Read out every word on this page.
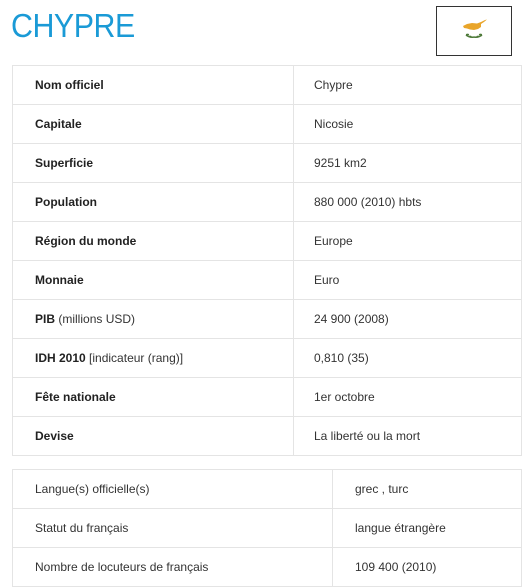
CHYPRE
Nom officiel	Chypre
Capitale	Nicosie
Superficie	9251 km2
Population	880 000 (2010) hbts
Région du monde	Europe
Monnaie	Euro
PIB (millions USD)	24 900 (2008)
IDH 2010 [indicateur (rang)]	0,810 (35)
Fête nationale	1er octobre
Devise	La liberté ou la mort
Langue(s) officielle(s)	grec , turc
Statut du français	langue étrangère
Nombre de locuteurs de français	109 400 (2010)
